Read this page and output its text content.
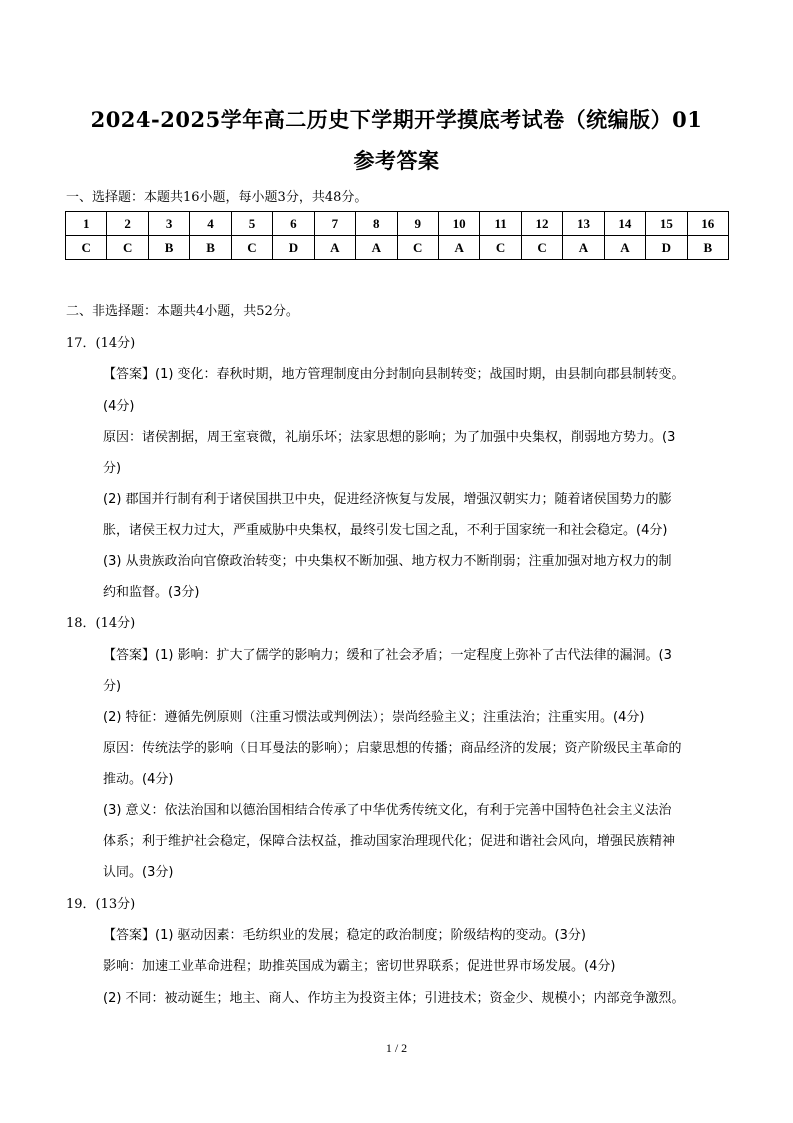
2024-2025学年高二历史下学期开学摸底考试卷（统编版）01
参考答案
一、选择题：本题共16小题，每小题3分，共48分。
1	2	3	4	5	6	7	8	9	10	11	12	13	14	15	16
C	C	B	B	C	D	A	A	C	A	C	C	A	A	D	B
二、非选择题：本题共4小题，共52分。
17．(14分)
【答案】(1) 变化：春秋时期，地方管理制度由分封制向县制转变；战国时期，由县制向郡县制转变。
(4分)
原因：诸侯割据，周王室衰微，礼崩乐坏；法家思想的影响；为了加强中央集权，削弱地方势力。(3
分)
(2) 郡国并行制有利于诸侯国拱卫中央，促进经济恢复与发展，增强汉朝实力；随着诸侯国势力的膨
胀，诸侯王权力过大，严重威胁中央集权，最终引发七国之乱，不利于国家统一和社会稳定。(4分)
(3) 从贵族政治向官僚政治转变；中央集权不断加强、地方权力不断削弱；注重加强对地方权力的制
约和监督。(3分)
18．(14分)
【答案】(1) 影响：扩大了儒学的影响力；缓和了社会矛盾；一定程度上弥补了古代法律的漏洞。(3
分)
(2) 特征：遵循先例原则（注重习惯法或判例法）；崇尚经验主义；注重法治；注重实用。(4分)
原因：传统法学的影响（日耳曼法的影响）；启蒙思想的传播；商品经济的发展；资产阶级民主革命的
推动。(4分)
(3) 意义：依法治国和以德治国相结合传承了中华优秀传统文化，有利于完善中国特色社会主义法治
体系；利于维护社会稳定，保障合法权益，推动国家治理现代化；促进和谐社会风向，增强民族精神
认同。(3分)
19．(13分)
【答案】(1) 驱动因素：毛纺织业的发展；稳定的政治制度；阶级结构的变动。(3分)
影响：加速工业革命进程；助推英国成为霸主；密切世界联系；促进世界市场发展。(4分)
(2) 不同：被动诞生；地主、商人、作坊主为投资主体；引进技术；资金少、规模小；内部竞争激烈。
1 / 2
